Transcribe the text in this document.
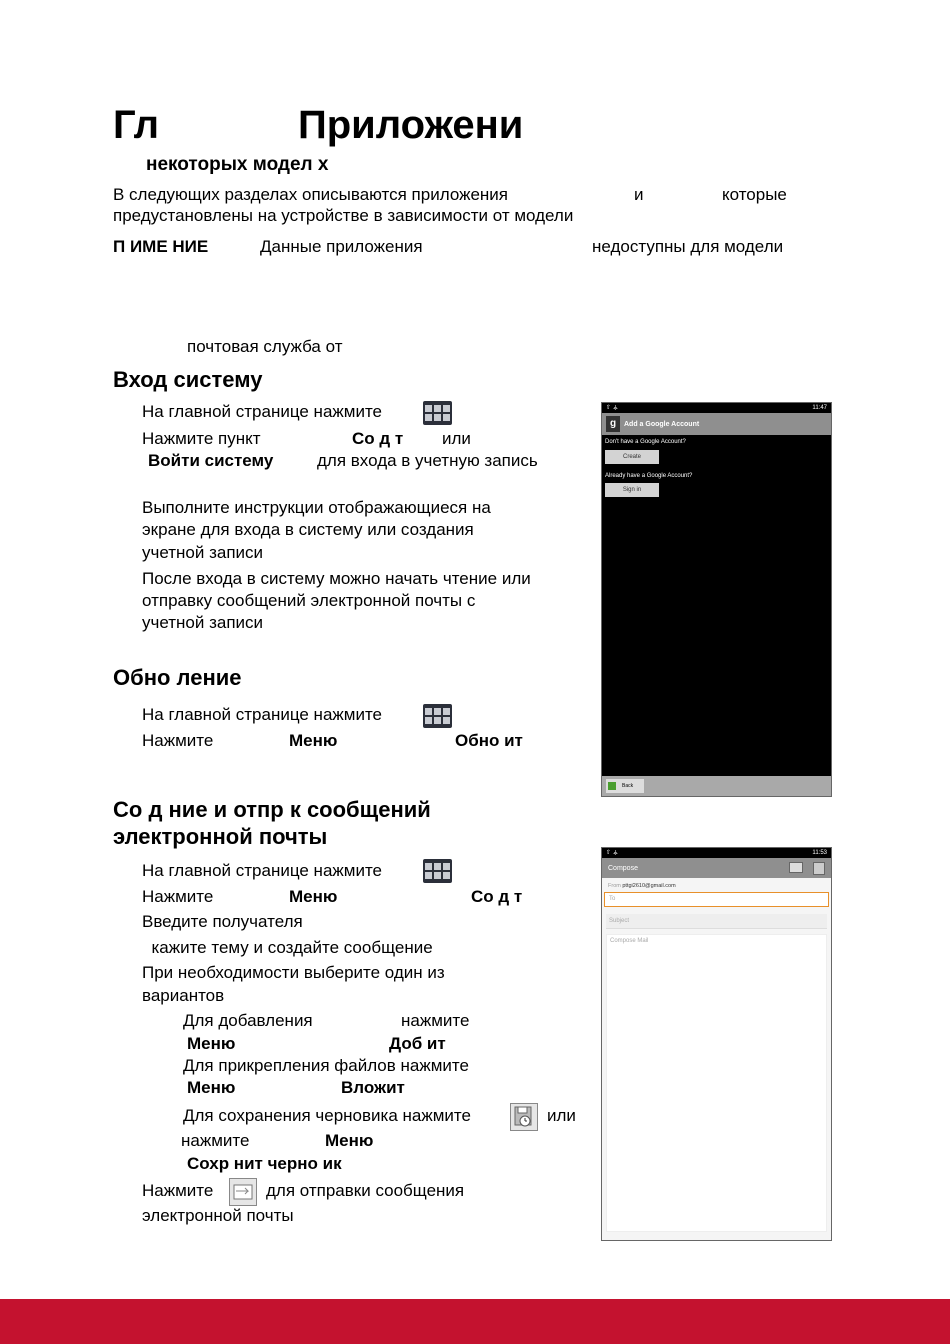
Гл	Приложени
некоторых модел х
В следующих разделах описываются приложения	и	которые
предустановлены на устройстве в зависимости от модели
П ИМЕ НИЕ	Данные приложения	недоступны для модели
почтовая служба от
Вход систему
На главной странице нажмите
Нажмите пункт	Со д т или
Войти систему	для входа в учетную запись
Выполните инструкции отображающиеся на
экране для входа в систему или создания
учетной записи
После входа в систему можно начать чтение или
отправку сообщений электронной почты с
учетной записи
Обно ление
На главной странице нажмите
Нажмите	Меню	Обно ит
Со д ние и отпр к сообщений
электронной почты
На главной странице нажмите
Нажмите	Меню	Со д т
Введите получателя
кажите тему и создайте сообщение
При необходимости выберите один из
вариантов
Для добавления	нажмите
Меню	Доб ит
Для прикрепления файлов нажмите
Меню	Вложит
Для сохранения черновика нажмите	или
нажмите	Меню
Сохр нит черно ик
Нажмите	для отправки сообщения
электронной почты
⇧ ⚶	11:47
g	Add a Google Account
Don't have a Google Account?
Create
Already have a Google Account?
Sign in
Back
⇧ ⚶	11:53
Compose
From pttgi2610@gmail.com
To
Subject
Compose Mail
